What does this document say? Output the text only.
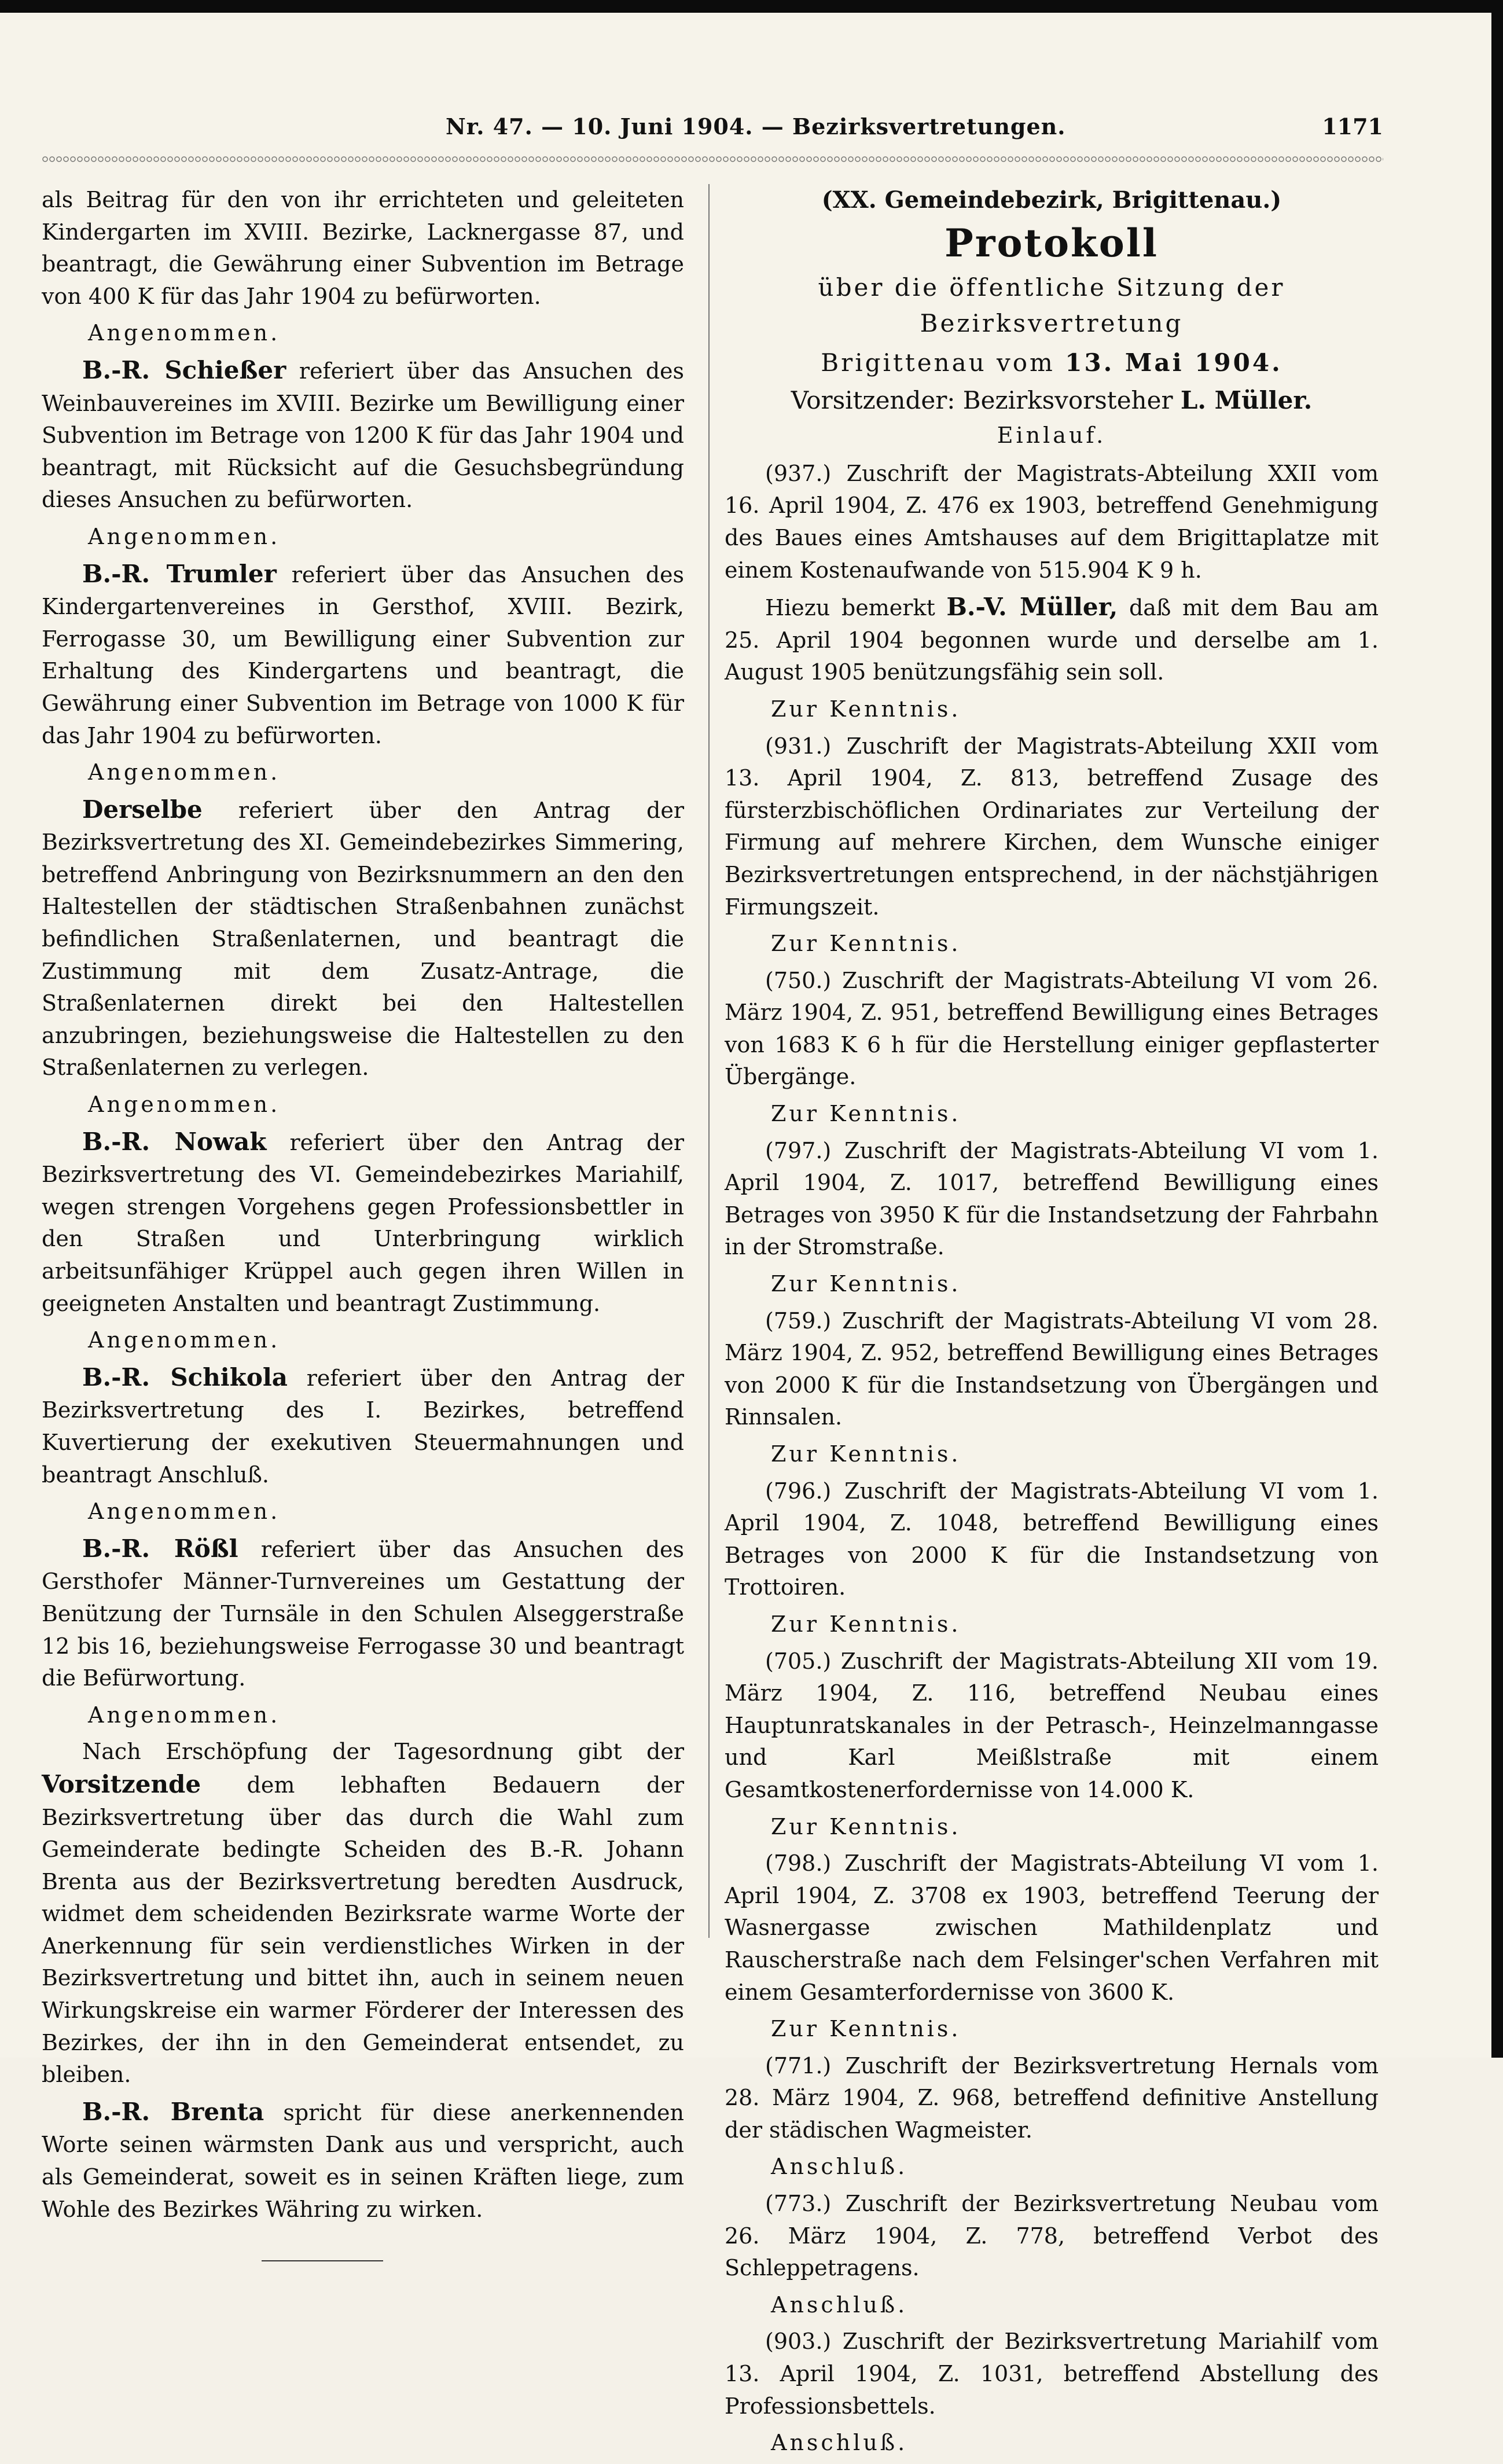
Nr. 47. — 10. Juni 1904. — Bezirksvertretungen.	1171

als Beitrag für den von ihr errichteten und geleiteten Kindergarten im XVIII. Bezirke, Lacknergasse 87, und beantragt, die Gewährung einer Subvention im Betrage von 400 K für das Jahr 1904 zu befürworten.

Angenommen.

B.-R. Schießer referiert über das Ansuchen des Weinbauvereines im XVIII. Bezirke um Bewilligung einer Subvention im Betrage von 1200 K für das Jahr 1904 und beantragt, mit Rücksicht auf die Gesuchsbegründung dieses Ansuchen zu befürworten.

Angenommen.

B.-R. Trumler referiert über das Ansuchen des Kindergartenvereines in Gersthof, XVIII. Bezirk, Ferrogasse 30, um Bewilligung einer Subvention zur Erhaltung des Kindergartens und beantragt, die Gewährung einer Subvention im Betrage von 1000 K für das Jahr 1904 zu befürworten.

Angenommen.

Derselbe referiert über den Antrag der Bezirksvertretung des XI. Gemeindebezirkes Simmering, betreffend Anbringung von Bezirksnummern an den den Haltestellen der städtischen Straßenbahnen zunächst befindlichen Straßenlaternen, und beantragt die Zustimmung mit dem Zusatz-Antrage, die Straßenlaternen direkt bei den Haltestellen anzubringen, beziehungsweise die Haltestellen zu den Straßenlaternen zu verlegen.

Angenommen.

B.-R. Nowak referiert über den Antrag der Bezirksvertretung des VI. Gemeindebezirkes Mariahilf, wegen strengen Vorgehens gegen Professionsbettler in den Straßen und Unterbringung wirklich arbeitsunfähiger Krüppel auch gegen ihren Willen in geeigneten Anstalten und beantragt Zustimmung.

Angenommen.

B.-R. Schikola referiert über den Antrag der Bezirksvertretung des I. Bezirkes, betreffend Kuvertierung der exekutiven Steuermahnungen und beantragt Anschluß.

Angenommen.

B.-R. Rößl referiert über das Ansuchen des Gersthofer Männer-Turnvereines um Gestattung der Benützung der Turnsäle in den Schulen Alseggerstraße 12 bis 16, beziehungsweise Ferrogasse 30 und beantragt die Befürwortung.

Angenommen.

Nach Erschöpfung der Tagesordnung gibt der Vorsitzende dem lebhaften Bedauern der Bezirksvertretung über das durch die Wahl zum Gemeinderate bedingte Scheiden des B.-R. Johann Brenta aus der Bezirksvertretung beredten Ausdruck, widmet dem scheidenden Bezirksrate warme Worte der Anerkennung für sein verdienstliches Wirken in der Bezirksvertretung und bittet ihn, auch in seinem neuen Wirkungskreise ein warmer Förderer der Interessen des Bezirkes, der ihn in den Gemeinderat entsendet, zu bleiben.

B.-R. Brenta spricht für diese anerkennenden Worte seinen wärmsten Dank aus und verspricht, auch als Gemeinderat, soweit es in seinen Kräften liege, zum Wohle des Bezirkes Währing zu wirken.

(XX. Gemeindebezirk, Brigittenau.)

Protokoll

über die öffentliche Sitzung der Bezirksvertretung

Brigittenau vom 13. Mai 1904.

Vorsitzender: Bezirksvorsteher L. Müller.

Einlauf.

(937.) Zuschrift der Magistrats-Abteilung XXII vom 16. April 1904, Z. 476 ex 1903, betreffend Genehmigung des Baues eines Amtshauses auf dem Brigittaplatze mit einem Kostenaufwande von 515.904 K 9 h.

Hiezu bemerkt B.-V. Müller, daß mit dem Bau am 25. April 1904 begonnen wurde und derselbe am 1. August 1905 benützungsfähig sein soll.

Zur Kenntnis.

(931.) Zuschrift der Magistrats-Abteilung XXII vom 13. April 1904, Z. 813, betreffend Zusage des fürsterzbischöflichen Ordinariates zur Verteilung der Firmung auf mehrere Kirchen, dem Wunsche einiger Bezirksvertretungen entsprechend, in der nächstjährigen Firmungszeit.

Zur Kenntnis.

(750.) Zuschrift der Magistrats-Abteilung VI vom 26. März 1904, Z. 951, betreffend Bewilligung eines Betrages von 1683 K 6 h für die Herstellung einiger gepflasterter Übergänge.

Zur Kenntnis.

(797.) Zuschrift der Magistrats-Abteilung VI vom 1. April 1904, Z. 1017, betreffend Bewilligung eines Betrages von 3950 K für die Instandsetzung der Fahrbahn in der Stromstraße.

Zur Kenntnis.

(759.) Zuschrift der Magistrats-Abteilung VI vom 28. März 1904, Z. 952, betreffend Bewilligung eines Betrages von 2000 K für die Instandsetzung von Übergängen und Rinnsalen.

Zur Kenntnis.

(796.) Zuschrift der Magistrats-Abteilung VI vom 1. April 1904, Z. 1048, betreffend Bewilligung eines Betrages von 2000 K für die Instandsetzung von Trottoiren.

Zur Kenntnis.

(705.) Zuschrift der Magistrats-Abteilung XII vom 19. März 1904, Z. 116, betreffend Neubau eines Hauptunratskanales in der Petrasch-, Heinzelmanngasse und Karl Meißlstraße mit einem Gesamtkostenerfordernisse von 14.000 K.

Zur Kenntnis.

(798.) Zuschrift der Magistrats-Abteilung VI vom 1. April 1904, Z. 3708 ex 1903, betreffend Teerung der Wasnergasse zwischen Mathildenplatz und Rauscherstraße nach dem Felsinger'schen Verfahren mit einem Gesamterfordernisse von 3600 K.

Zur Kenntnis.

(771.) Zuschrift der Bezirksvertretung Hernals vom 28. März 1904, Z. 968, betreffend definitive Anstellung der städischen Wagmeister.

Anschluß.

(773.) Zuschrift der Bezirksvertretung Neubau vom 26. März 1904, Z. 778, betreffend Verbot des Schleppetragens.

Anschluß.

(903.) Zuschrift der Bezirksvertretung Mariahilf vom 13. April 1904, Z. 1031, betreffend Abstellung des Professionsbettels.

Anschluß.
